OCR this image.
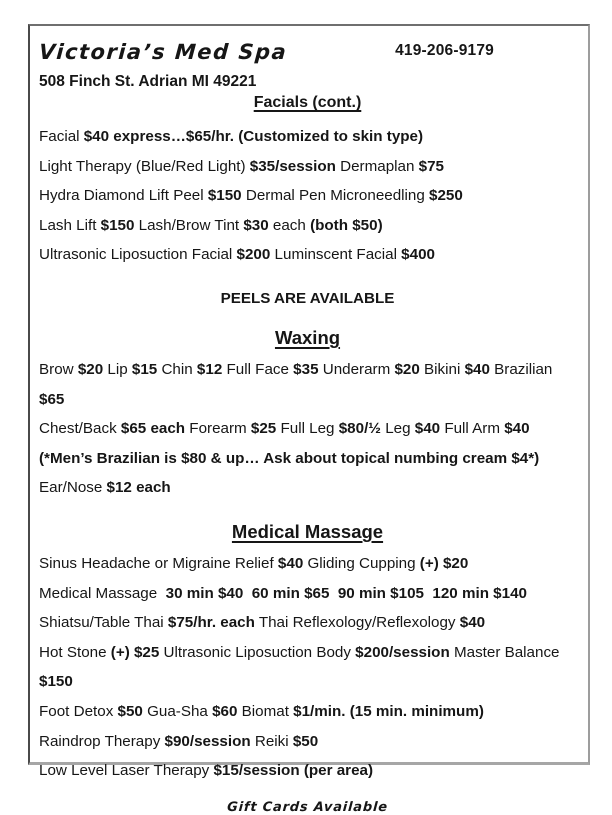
Victoria’s Med Spa	419-206-9179
508 Finch St. Adrian MI 49221
Facials (cont.)
Facial $40 express…$65/hr. (Customized to skin type)
Light Therapy (Blue/Red Light) $35/session Dermaplan $75
Hydra Diamond Lift Peel $150 Dermal Pen Microneedling $250
Lash Lift $150 Lash/Brow Tint $30 each (both $50)
Ultrasonic Liposuction Facial $200 Luminscent Facial $400
PEELS ARE AVAILABLE
Waxing
Brow $20 Lip $15 Chin $12 Full Face $35 Underarm $20 Bikini $40 Brazilian $65
Chest/Back $65 each Forearm $25 Full Leg $80/½ Leg $40 Full Arm $40
(*Men’s Brazilian is $80 & up… Ask about topical numbing cream $4*)
Ear/Nose $12 each
Medical Massage
Sinus Headache or Migraine Relief $40 Gliding Cupping (+) $20
Medical Massage  30 min $40  60 min $65  90 min $105  120 min $140
Shiatsu/Table Thai $75/hr. each Thai Reflexology/Reflexology $40
Hot Stone (+) $25 Ultrasonic Liposuction Body $200/session Master Balance $150
Foot Detox $50 Gua-Sha $60 Biomat $1/min. (15 min. minimum)
Raindrop Therapy $90/session Reiki $50
Low Level Laser Therapy $15/session (per area)
Gift Cards Available
